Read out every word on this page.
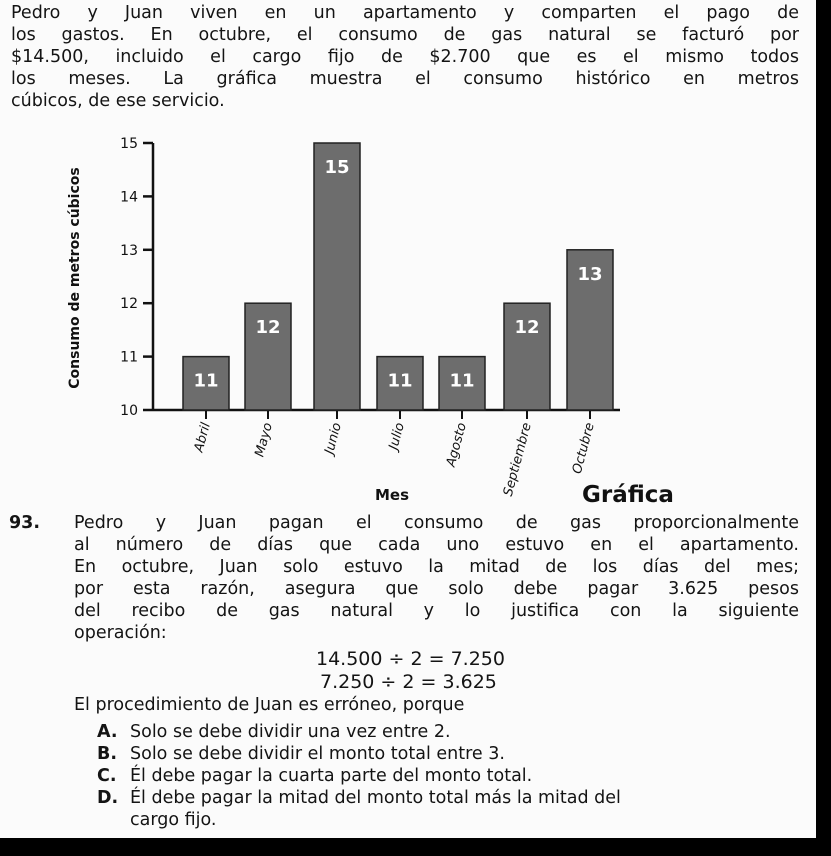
Pedro y Juan viven en un apartamento y comparten el pago de
los gastos. En octubre, el consumo de gas natural se facturó por
$14.500, incluido el cargo fijo de $2.700 que es el mismo todos
los meses. La gráfica muestra el consumo histórico en metros
cúbicos, de ese servicio.
10
11
12
13
14
15
Consumo de metros cúbicos	11
Abril
12
Mayo
15
Junio
11
Julio
11
Agosto
12
Septiembre
13
Octubre
Mes	Gráfica
93. Pedro y Juan pagan el consumo de gas proporcionalmente
al número de días que cada uno estuvo en el apartamento.
En octubre, Juan solo estuvo la mitad de los días del mes;
por esta razón, asegura que solo debe pagar 3.625 pesos
del recibo de gas natural y lo justifica con la siguiente
operación:
14.500 ÷ 2 = 7.250
7.250 ÷ 2 = 3.625
El procedimiento de Juan es erróneo, porque
A. Solo se debe dividir una vez entre 2.
B. Solo se debe dividir el monto total entre 3.
C. Él debe pagar la cuarta parte del monto total.
D. Él debe pagar la mitad del monto total más la mitad del
cargo fijo.
